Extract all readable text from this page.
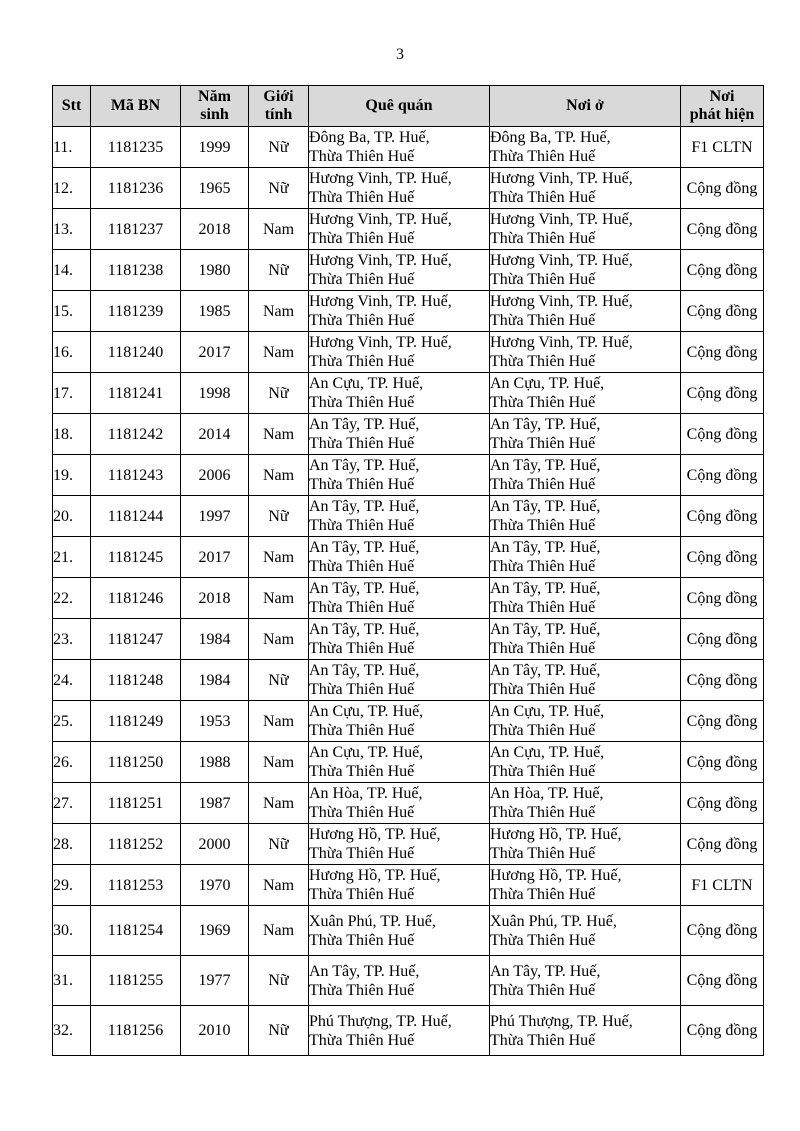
3
Stt	Mã BN	Năm
sinh	Giới
tính	Quê quán	Nơi ở	Nơi
phát hiện
11.	1181235	1999	Nữ	Đông Ba, TP. Huế,
Thừa Thiên Huế	Đông Ba, TP. Huế,
Thừa Thiên Huế	F1 CLTN
12.	1181236	1965	Nữ	Hương Vinh, TP. Huế,
Thừa Thiên Huế	Hương Vinh, TP. Huế,
Thừa Thiên Huế	Cộng đồng
13.	1181237	2018	Nam	Hương Vinh, TP. Huế,
Thừa Thiên Huế	Hương Vinh, TP. Huế,
Thừa Thiên Huế	Cộng đồng
14.	1181238	1980	Nữ	Hương Vinh, TP. Huế,
Thừa Thiên Huế	Hương Vinh, TP. Huế,
Thừa Thiên Huế	Cộng đồng
15.	1181239	1985	Nam	Hương Vinh, TP. Huế,
Thừa Thiên Huế	Hương Vinh, TP. Huế,
Thừa Thiên Huế	Cộng đồng
16.	1181240	2017	Nam	Hương Vinh, TP. Huế,
Thừa Thiên Huế	Hương Vinh, TP. Huế,
Thừa Thiên Huế	Cộng đồng
17.	1181241	1998	Nữ	An Cựu, TP. Huế,
Thừa Thiên Huế	An Cựu, TP. Huế,
Thừa Thiên Huế	Cộng đồng
18.	1181242	2014	Nam	An Tây, TP. Huế,
Thừa Thiên Huế	An Tây, TP. Huế,
Thừa Thiên Huế	Cộng đồng
19.	1181243	2006	Nam	An Tây, TP. Huế,
Thừa Thiên Huế	An Tây, TP. Huế,
Thừa Thiên Huế	Cộng đồng
20.	1181244	1997	Nữ	An Tây, TP. Huế,
Thừa Thiên Huế	An Tây, TP. Huế,
Thừa Thiên Huế	Cộng đồng
21.	1181245	2017	Nam	An Tây, TP. Huế,
Thừa Thiên Huế	An Tây, TP. Huế,
Thừa Thiên Huế	Cộng đồng
22.	1181246	2018	Nam	An Tây, TP. Huế,
Thừa Thiên Huế	An Tây, TP. Huế,
Thừa Thiên Huế	Cộng đồng
23.	1181247	1984	Nam	An Tây, TP. Huế,
Thừa Thiên Huế	An Tây, TP. Huế,
Thừa Thiên Huế	Cộng đồng
24.	1181248	1984	Nữ	An Tây, TP. Huế,
Thừa Thiên Huế	An Tây, TP. Huế,
Thừa Thiên Huế	Cộng đồng
25.	1181249	1953	Nam	An Cựu, TP. Huế,
Thừa Thiên Huế	An Cựu, TP. Huế,
Thừa Thiên Huế	Cộng đồng
26.	1181250	1988	Nam	An Cựu, TP. Huế,
Thừa Thiên Huế	An Cựu, TP. Huế,
Thừa Thiên Huế	Cộng đồng
27.	1181251	1987	Nam	An Hòa, TP. Huế,
Thừa Thiên Huế	An Hòa, TP. Huế,
Thừa Thiên Huế	Cộng đồng
28.	1181252	2000	Nữ	Hương Hồ, TP. Huế,
Thừa Thiên Huế	Hương Hồ, TP. Huế,
Thừa Thiên Huế	Cộng đồng
29.	1181253	1970	Nam	Hương Hồ, TP. Huế,
Thừa Thiên Huế	Hương Hồ, TP. Huế,
Thừa Thiên Huế	F1 CLTN
30.	1181254	1969	Nam	Xuân Phú, TP. Huế,
Thừa Thiên Huế	Xuân Phú, TP. Huế,
Thừa Thiên Huế	Cộng đồng
31.	1181255	1977	Nữ	An Tây, TP. Huế,
Thừa Thiên Huế	An Tây, TP. Huế,
Thừa Thiên Huế	Cộng đồng
32.	1181256	2010	Nữ	Phú Thượng, TP. Huế,
Thừa Thiên Huế	Phú Thượng, TP. Huế,
Thừa Thiên Huế	Cộng đồng
